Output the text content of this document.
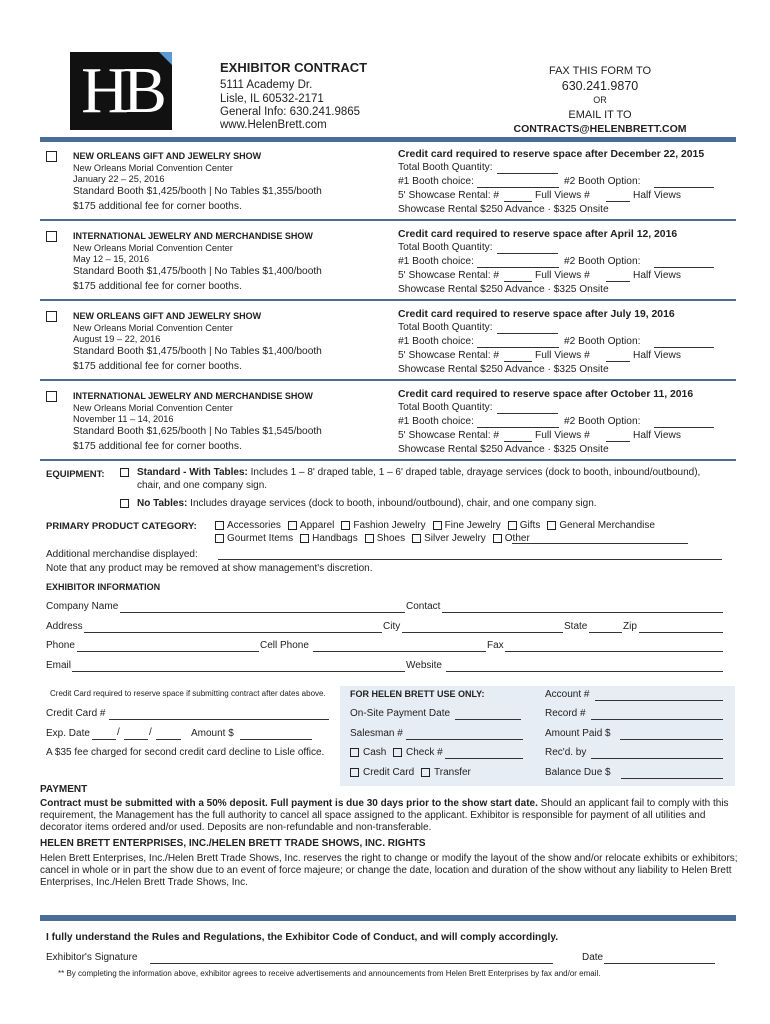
HB	EXHIBITOR CONTRACT
5111 Academy Dr.
Lisle, IL 60532-2171
General Info: 630.241.9865
www.HelenBrett.com
FAX THIS FORM TO
630.241.9870
OR
EMAIL IT TO
CONTRACTS@HELENBRETT.COM
NEW ORLEANS GIFT AND JEWELRY SHOW
New Orleans Morial Convention Center
January 22 – 25, 2016
Standard Booth $1,425/booth | No Tables $1,355/booth
$175 additional fee for corner booths.
Credit card required to reserve space after December 22, 2015
Total Booth Quantity:
#1 Booth choice:	#2 Booth Option:
5' Showcase Rental: #	Full Views #	Half Views
Showcase Rental $250 Advance · $325 Onsite
INTERNATIONAL JEWELRY AND MERCHANDISE SHOW
New Orleans Morial Convention Center
May 12 – 15, 2016
Standard Booth $1,475/booth | No Tables $1,400/booth
$175 additional fee for corner booths.
Credit card required to reserve space after April 12, 2016
Total Booth Quantity:
#1 Booth choice:	#2 Booth Option:
5' Showcase Rental: #	Full Views #	Half Views
Showcase Rental $250 Advance · $325 Onsite
NEW ORLEANS GIFT AND JEWELRY SHOW
New Orleans Morial Convention Center
August 19 – 22, 2016
Standard Booth $1,475/booth | No Tables $1,400/booth
$175 additional fee for corner booths.
Credit card required to reserve space after July 19, 2016
Total Booth Quantity:
#1 Booth choice:	#2 Booth Option:
5' Showcase Rental: #	Full Views #	Half Views
Showcase Rental $250 Advance · $325 Onsite
INTERNATIONAL JEWELRY AND MERCHANDISE SHOW
New Orleans Morial Convention Center
November 11 – 14, 2016
Standard Booth $1,625/booth | No Tables $1,545/booth
$175 additional fee for corner booths.
Credit card required to reserve space after October 11, 2016
Total Booth Quantity:
#1 Booth choice:	#2 Booth Option:
5' Showcase Rental: #	Full Views #	Half Views
Showcase Rental $250 Advance · $325 Onsite
EQUIPMENT:	Standard - With Tables: Includes 1 – 8' draped table, 1 – 6' draped table, drayage services (dock to booth, inbound/outbound),
chair, and one company sign.
No Tables: Includes drayage services (dock to booth, inbound/outbound), chair, and one company sign.
PRIMARY PRODUCT CATEGORY:	Accessories Apparel Fashion Jewelry Fine Jewelry Gifts General Merchandise
Gourmet Items Handbags Shoes Silver Jewelry Other
Additional merchandise displayed:
Note that any product may be removed at show management's discretion.
EXHIBITOR INFORMATION
Company Name	Contact
Address	City	State	Zip
Phone	Cell Phone	Fax
Email	Website
Credit Card required to reserve space if submitting contract after dates above.
Credit Card #
Exp. Date	/	/	Amount $
A $35 fee charged for second credit card decline to Lisle office.
FOR HELEN BRETT USE ONLY:
On-Site Payment Date
Salesman #
Cash Check #
Credit Card Transfer
Account #
Record #
Amount Paid $
Rec'd. by
Balance Due $
PAYMENT
Contract must be submitted with a 50% deposit. Full payment is due 30 days prior to the show start date. Should an applicant fail to comply with this requirement, the Management has the full authority to cancel all space assigned to the applicant. Exhibitor is responsible for payment of all utilities and decorator items ordered and/or used. Deposits are non-refundable and non-transferable.
HELEN BRETT ENTERPRISES, INC./HELEN BRETT TRADE SHOWS, INC. RIGHTS
Helen Brett Enterprises, Inc./Helen Brett Trade Shows, Inc. reserves the right to change or modify the layout of the show and/or relocate exhibits or exhibitors; cancel in whole or in part the show due to an event of force majeure; or change the date, location and duration of the show without any liability to Helen Brett Enterprises, Inc./Helen Brett Trade Shows, Inc.
I fully understand the Rules and Regulations, the Exhibitor Code of Conduct, and will comply accordingly.
Exhibitor's Signature	Date
** By completing the information above, exhibitor agrees to receive advertisements and announcements from Helen Brett Enterprises by fax and/or email.
